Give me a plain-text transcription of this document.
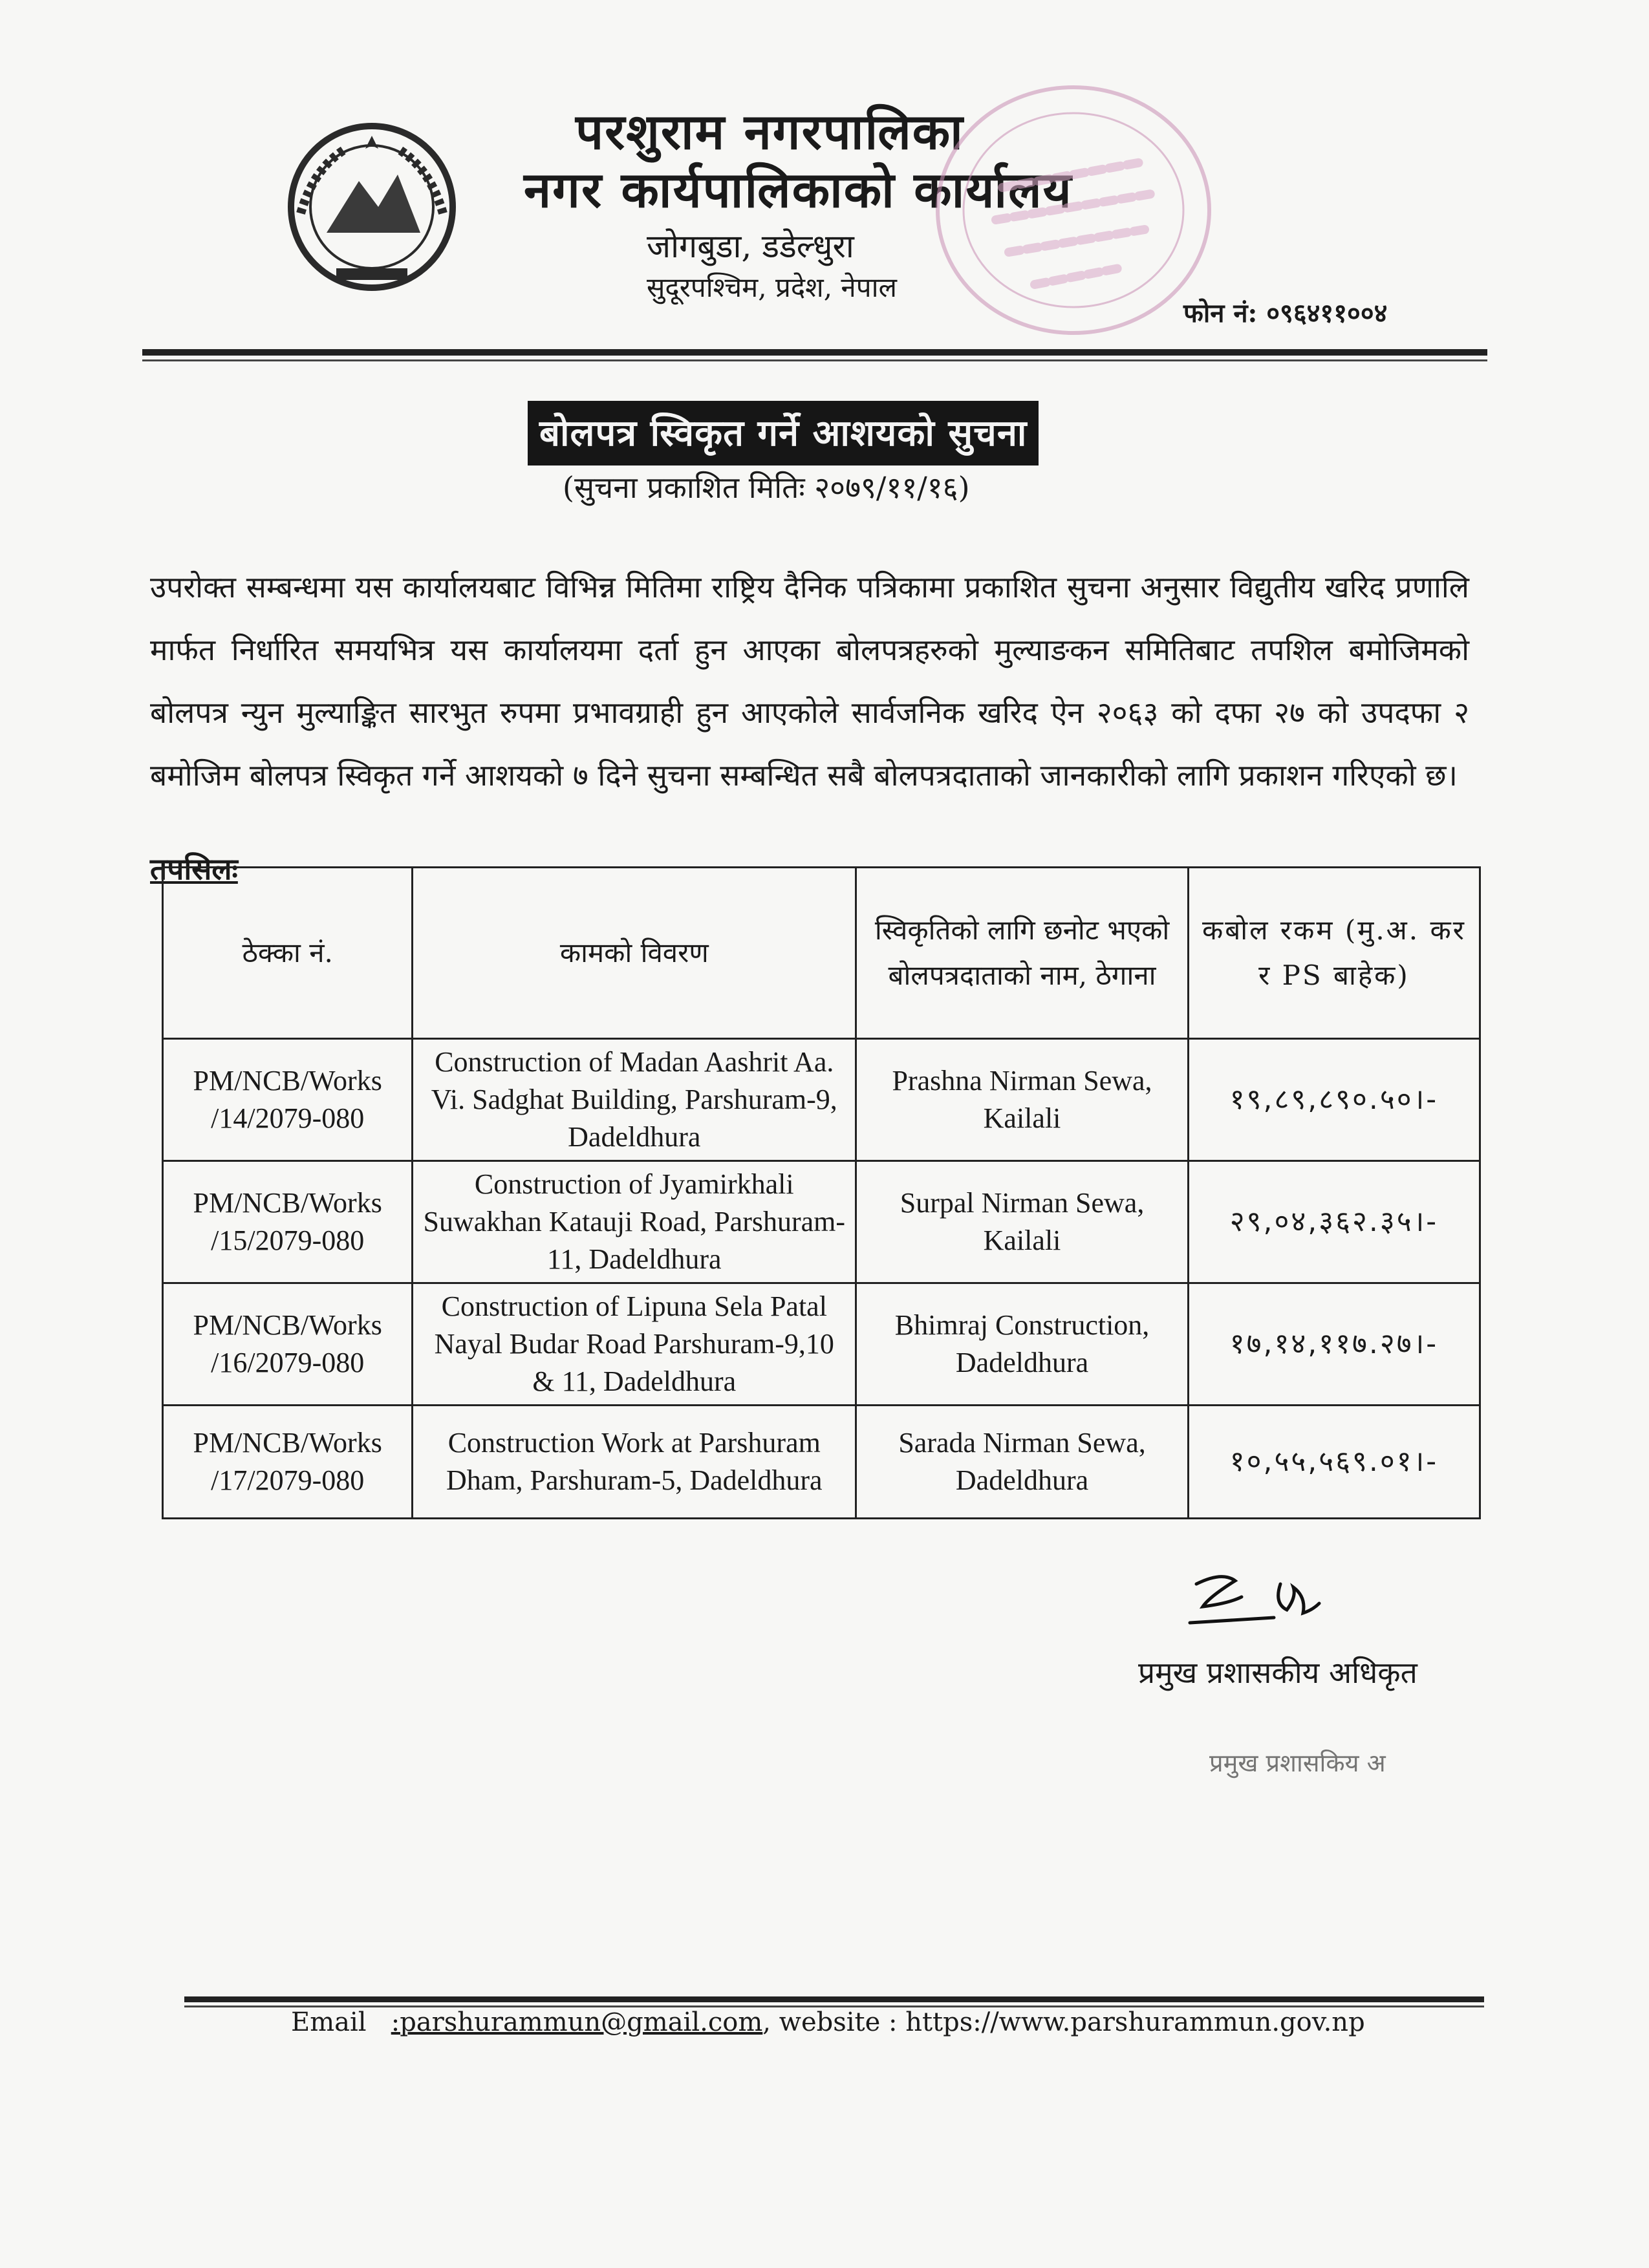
परशुराम नगरपालिका
नगर कार्यपालिकाको कार्यालय
जोगबुडा, डडेल्धुरा
सुदूरपश्चिम, प्रदेश, नेपाल
फोन नं: ०९६४११००४
बोलपत्र स्विकृत गर्ने आशयको सुचना
(सुचना प्रकाशित मितिः २०७९/११/१६)
उपरोक्त सम्बन्धमा यस कार्यालयबाट विभिन्न मितिमा राष्ट्रिय दैनिक पत्रिकामा प्रकाशित सुचना अनुसार विद्युतीय खरिद प्रणालि मार्फत निर्धारित समयभित्र यस कार्यालयमा दर्ता हुन आएका बोलपत्रहरुको मुल्याङकन समितिबाट तपशिल बमोजिमको बोलपत्र न्युन मुल्याङ्कित सारभुत रुपमा प्रभावग्राही हुन आएकोले सार्वजनिक खरिद ऐन २०६३ को दफा २७ को उपदफा २ बमोजिम बोलपत्र स्विकृत गर्ने आशयको ७ दिने सुचना सम्बन्धित सबै बोलपत्रदाताको जानकारीको लागि प्रकाशन गरिएको छ।
तपसिलः
ठेक्का नं.	कामको विवरण	स्विकृतिको लागि छनोट भएको बोलपत्रदाताको नाम, ठेगाना	कबोल रकम (मु.अ. कर र PS बाहेक)
PM/NCB/Works /14/2079-080	Construction of Madan Aashrit Aa. Vi. Sadghat Building, Parshuram-9, Dadeldhura	Prashna Nirman Sewa, Kailali	१९,८९,८९०.५०।-
PM/NCB/Works /15/2079-080	Construction of Jyamirkhali Suwakhan Katauji Road, Parshuram-11, Dadeldhura	Surpal Nirman Sewa, Kailali	२९,०४,३६२.३५।-
PM/NCB/Works /16/2079-080	Construction of Lipuna Sela Patal Nayal Budar Road Parshuram-9,10 & 11, Dadeldhura	Bhimraj Construction, Dadeldhura	१७,१४,११७.२७।-
PM/NCB/Works /17/2079-080	Construction Work at Parshuram Dham, Parshuram-5, Dadeldhura	Sarada Nirman Sewa, Dadeldhura	१०,५५,५६९.०१।-
प्रमुख प्रशासकीय अधिकृत
प्रमुख प्रशासकिय अ
Email :parshurammun@gmail.com, website : https://www.parshurammun.gov.np
